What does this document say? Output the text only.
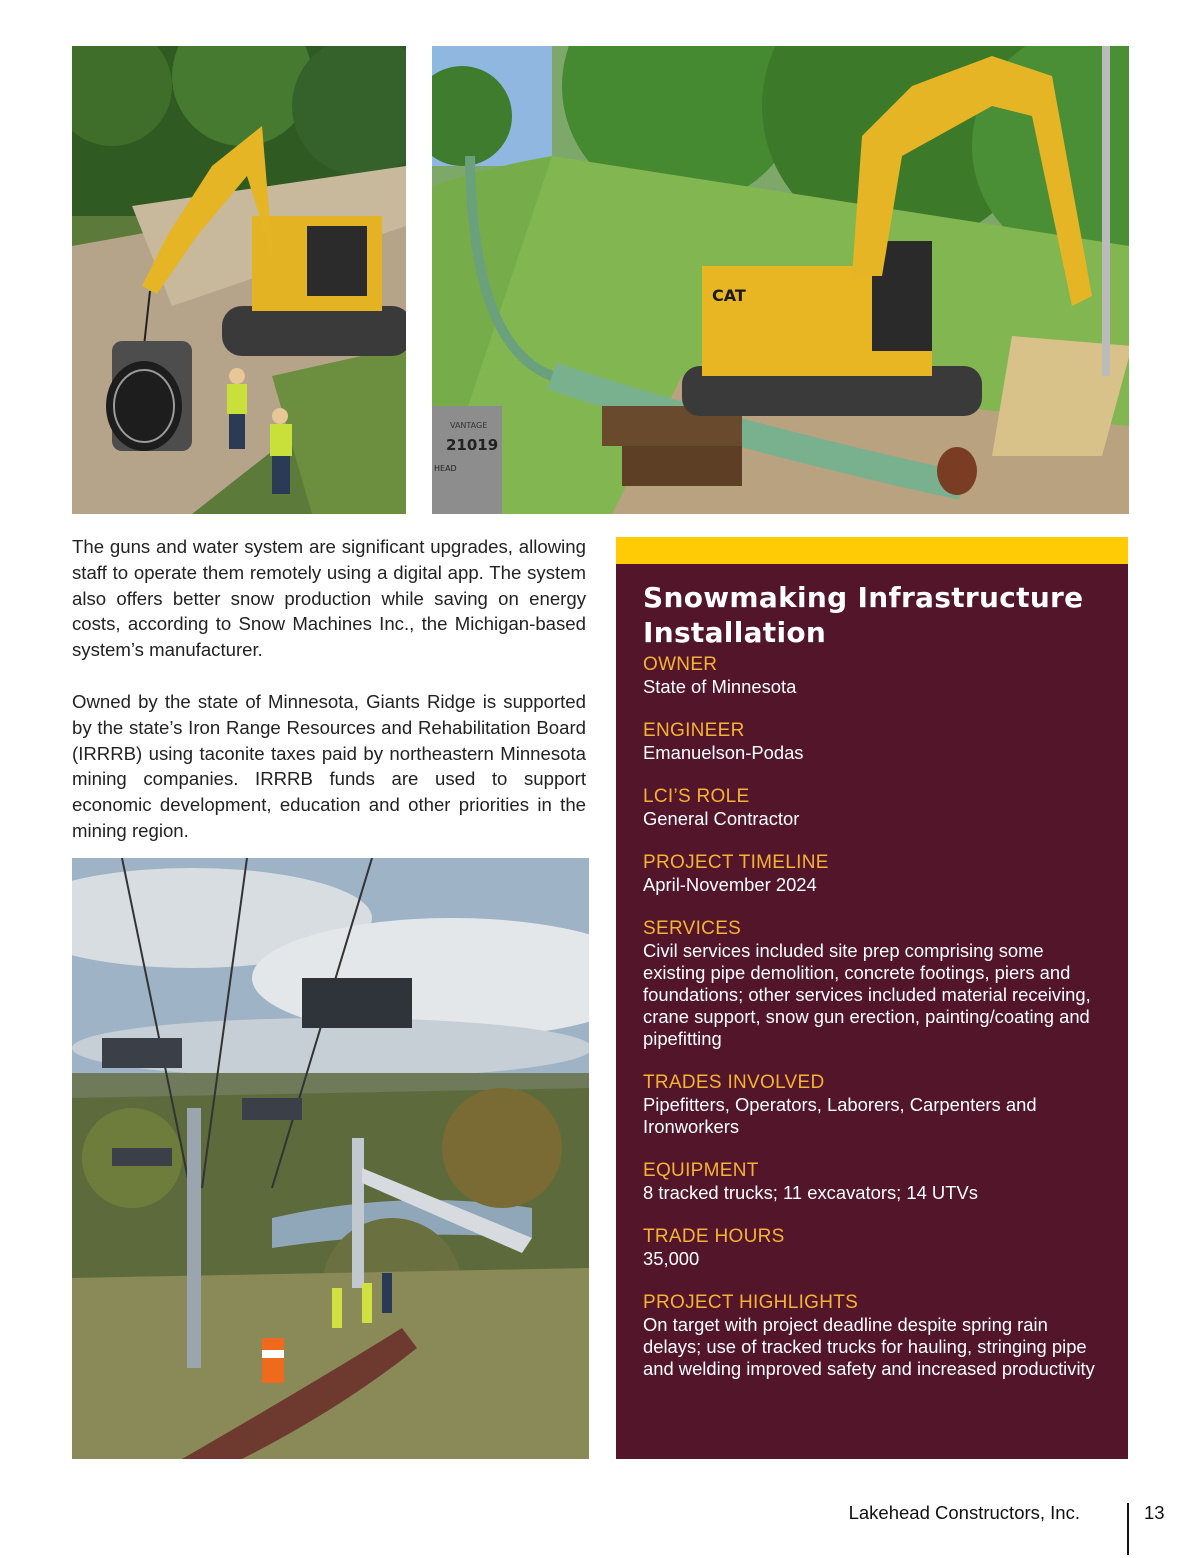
CAT
VANTAGE
21019
HEAD
The guns and water system are significant upgrades, allowing staff to operate them remotely using a digital app. The system also offers better snow production while saving on energy costs, according to Snow Machines Inc., the Michigan-based system’s manufacturer.
Owned by the state of Minnesota, Giants Ridge is supported by the state’s Iron Range Resources and Rehabilitation Board (IRRRB) using taconite taxes paid by northeastern Minnesota mining companies. IRRRB funds are used to support economic development, education and other priorities in the mining region.
Snowmaking Infrastructure Installation
OWNER
State of Minnesota
ENGINEER
Emanuelson-Podas
LCI’S ROLE
General Contractor
PROJECT TIMELINE
April-November 2024
SERVICES
Civil services included site prep comprising some existing pipe demolition, concrete footings, piers and foundations; other services included material receiving, crane support, snow gun erection, painting/coating and pipefitting
TRADES INVOLVED
Pipefitters, Operators, Laborers, Carpenters and Ironworkers
EQUIPMENT
8 tracked trucks; 11 excavators; 14 UTVs
TRADE HOURS
35,000
PROJECT HIGHLIGHTS
On target with project deadline despite spring rain delays; use of tracked trucks for hauling, stringing pipe and welding improved safety and increased productivity
Lakehead Constructors, Inc.	13
